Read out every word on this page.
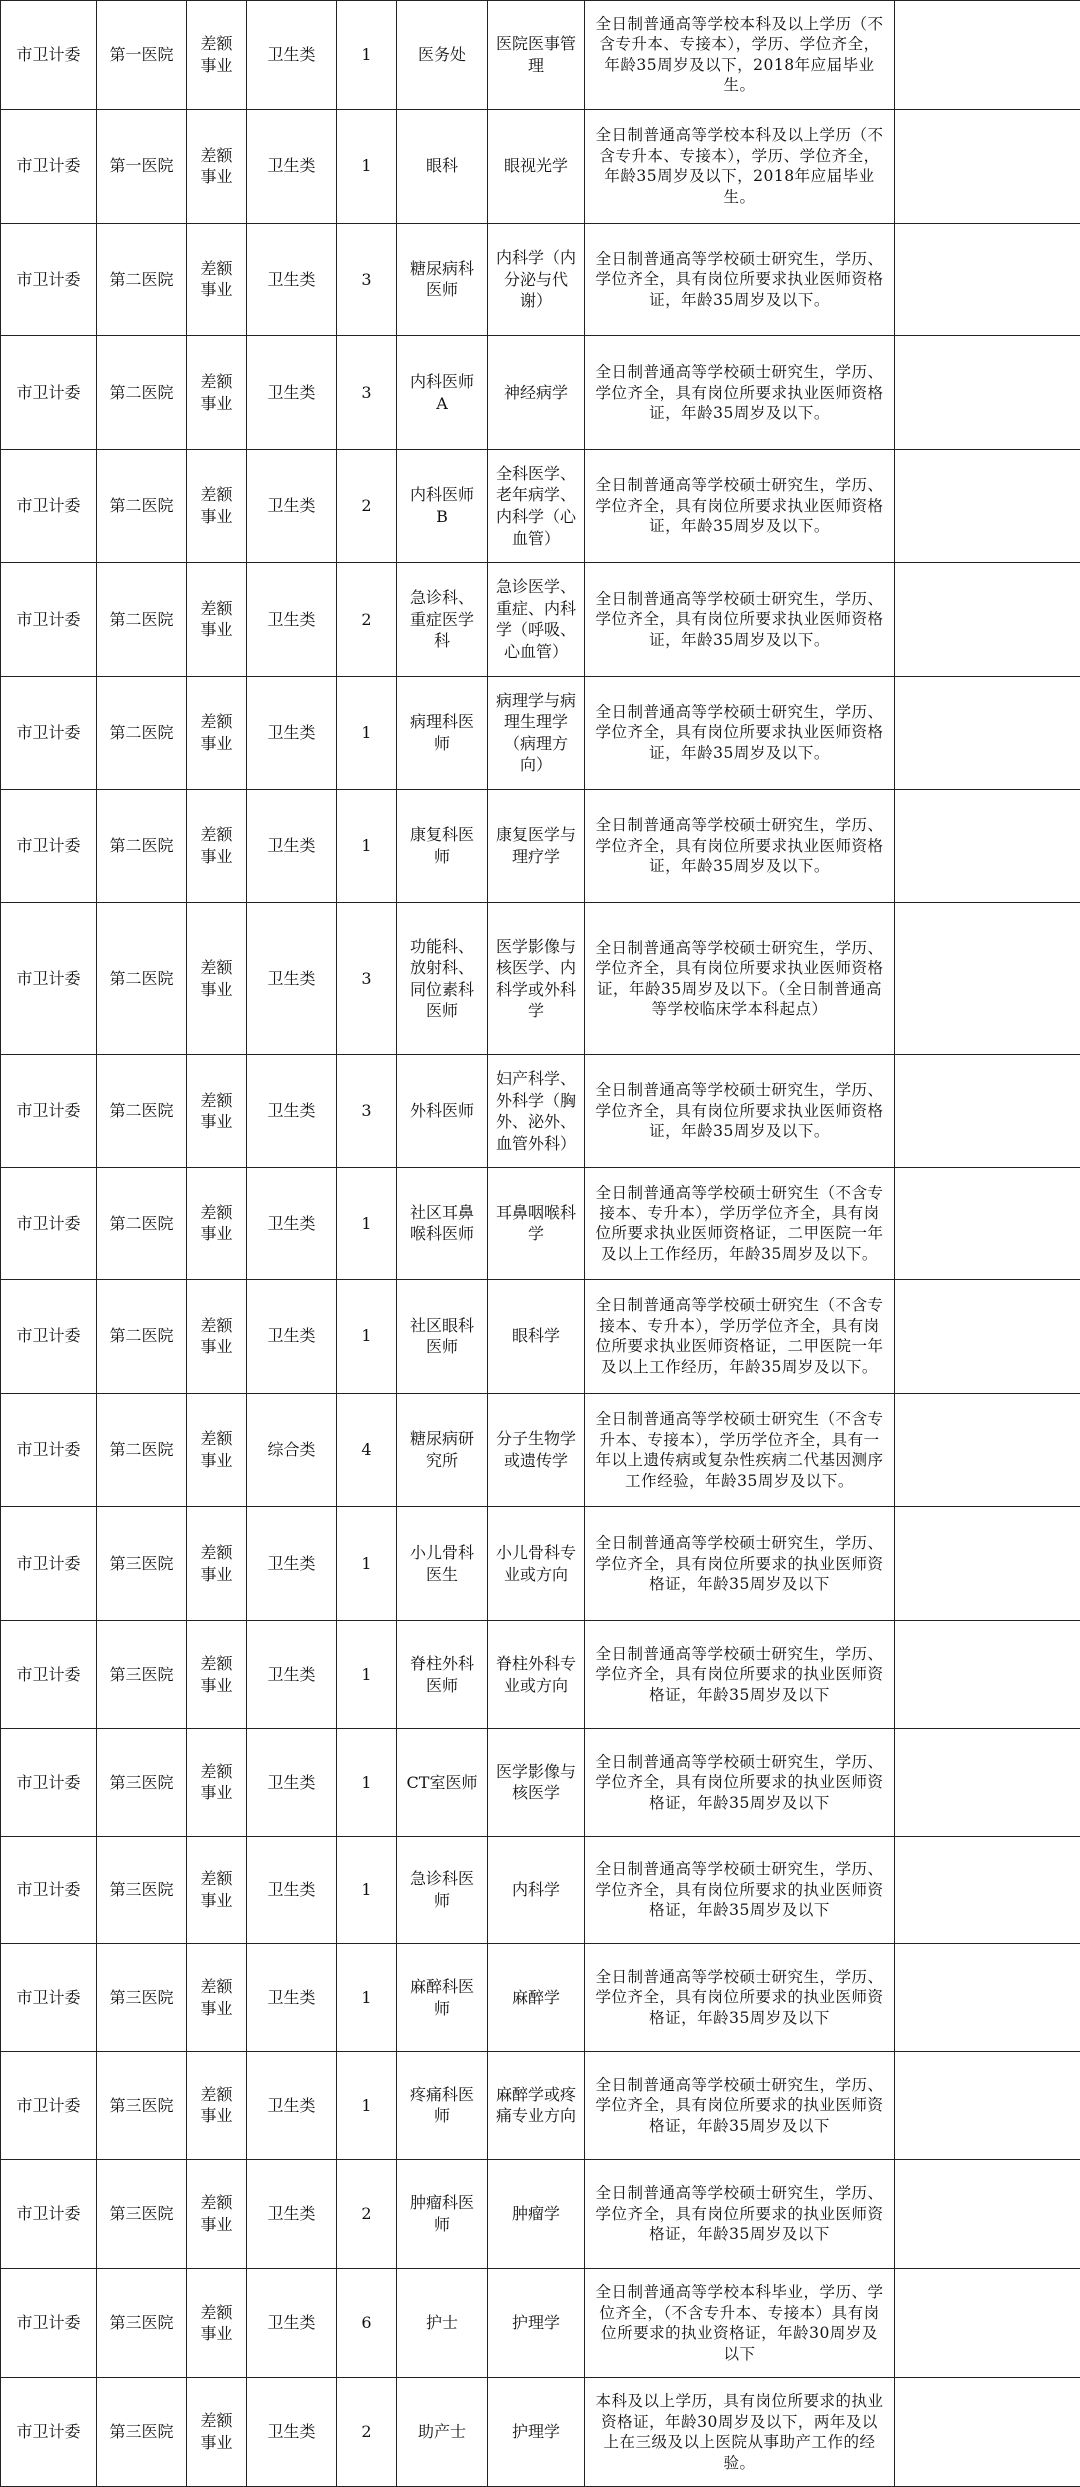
市卫计委	第一医院	差额事业	卫生类	1	医务处	医院医事管理	全日制普通高等学校本科及以上学历（不含专升本、专接本），学历、学位齐全，年龄35周岁及以下，2018年应届毕业生。	
市卫计委	第一医院	差额事业	卫生类	1	眼科	眼视光学	全日制普通高等学校本科及以上学历（不含专升本、专接本），学历、学位齐全，年龄35周岁及以下，2018年应届毕业生。	
市卫计委	第二医院	差额事业	卫生类	3	糖尿病科医师	内科学（内分泌与代谢）	全日制普通高等学校硕士研究生，学历、学位齐全，具有岗位所要求执业医师资格证，年龄35周岁及以下。	
市卫计委	第二医院	差额事业	卫生类	3	内科医师A	神经病学	全日制普通高等学校硕士研究生，学历、学位齐全，具有岗位所要求执业医师资格证，年龄35周岁及以下。	
市卫计委	第二医院	差额事业	卫生类	2	内科医师B	全科医学、老年病学、内科学（心血管）	全日制普通高等学校硕士研究生，学历、学位齐全，具有岗位所要求执业医师资格证，年龄35周岁及以下。	
市卫计委	第二医院	差额事业	卫生类	2	急诊科、重症医学科	急诊医学、重症、内科学（呼吸、心血管）	全日制普通高等学校硕士研究生，学历、学位齐全，具有岗位所要求执业医师资格证，年龄35周岁及以下。	
市卫计委	第二医院	差额事业	卫生类	1	病理科医师	病理学与病理生理学（病理方向）	全日制普通高等学校硕士研究生，学历、学位齐全，具有岗位所要求执业医师资格证，年龄35周岁及以下。	
市卫计委	第二医院	差额事业	卫生类	1	康复科医师	康复医学与理疗学	全日制普通高等学校硕士研究生，学历、学位齐全，具有岗位所要求执业医师资格证，年龄35周岁及以下。	
市卫计委	第二医院	差额事业	卫生类	3	功能科、放射科、同位素科医师	医学影像与核医学、内科学或外科学	全日制普通高等学校硕士研究生，学历、学位齐全，具有岗位所要求执业医师资格证，年龄35周岁及以下。（全日制普通高等学校临床学本科起点）	
市卫计委	第二医院	差额事业	卫生类	3	外科医师	妇产科学、外科学（胸外、泌外、血管外科）	全日制普通高等学校硕士研究生，学历、学位齐全，具有岗位所要求执业医师资格证，年龄35周岁及以下。	
市卫计委	第二医院	差额事业	卫生类	1	社区耳鼻喉科医师	耳鼻咽喉科学	全日制普通高等学校硕士研究生（不含专接本、专升本），学历学位齐全，具有岗位所要求执业医师资格证，二甲医院一年及以上工作经历，年龄35周岁及以下。	
市卫计委	第二医院	差额事业	卫生类	1	社区眼科医师	眼科学	全日制普通高等学校硕士研究生（不含专接本、专升本），学历学位齐全，具有岗位所要求执业医师资格证，二甲医院一年及以上工作经历，年龄35周岁及以下。	
市卫计委	第二医院	差额事业	综合类	4	糖尿病研究所	分子生物学或遗传学	全日制普通高等学校硕士研究生（不含专升本、专接本），学历学位齐全，具有一年以上遗传病或复杂性疾病二代基因测序工作经验，年龄35周岁及以下。	
市卫计委	第三医院	差额事业	卫生类	1	小儿骨科医生	小儿骨科专业或方向	全日制普通高等学校硕士研究生，学历、学位齐全，具有岗位所要求的执业医师资格证，年龄35周岁及以下	
市卫计委	第三医院	差额事业	卫生类	1	脊柱外科医师	脊柱外科专业或方向	全日制普通高等学校硕士研究生，学历、学位齐全，具有岗位所要求的执业医师资格证，年龄35周岁及以下	
市卫计委	第三医院	差额事业	卫生类	1	CT室医师	医学影像与核医学	全日制普通高等学校硕士研究生，学历、学位齐全，具有岗位所要求的执业医师资格证，年龄35周岁及以下	
市卫计委	第三医院	差额事业	卫生类	1	急诊科医师	内科学	全日制普通高等学校硕士研究生，学历、学位齐全，具有岗位所要求的执业医师资格证，年龄35周岁及以下	
市卫计委	第三医院	差额事业	卫生类	1	麻醉科医师	麻醉学	全日制普通高等学校硕士研究生，学历、学位齐全，具有岗位所要求的执业医师资格证，年龄35周岁及以下	
市卫计委	第三医院	差额事业	卫生类	1	疼痛科医师	麻醉学或疼痛专业方向	全日制普通高等学校硕士研究生，学历、学位齐全，具有岗位所要求的执业医师资格证，年龄35周岁及以下	
市卫计委	第三医院	差额事业	卫生类	2	肿瘤科医师	肿瘤学	全日制普通高等学校硕士研究生，学历、学位齐全，具有岗位所要求的执业医师资格证，年龄35周岁及以下	
市卫计委	第三医院	差额事业	卫生类	6	护士	护理学	全日制普通高等学校本科毕业，学历、学位齐全，（不含专升本、专接本）具有岗位所要求的执业资格证，年龄30周岁及以下	
市卫计委	第三医院	差额事业	卫生类	2	助产士	护理学	本科及以上学历，具有岗位所要求的执业资格证，年龄30周岁及以下，两年及以上在三级及以上医院从事助产工作的经验。	
